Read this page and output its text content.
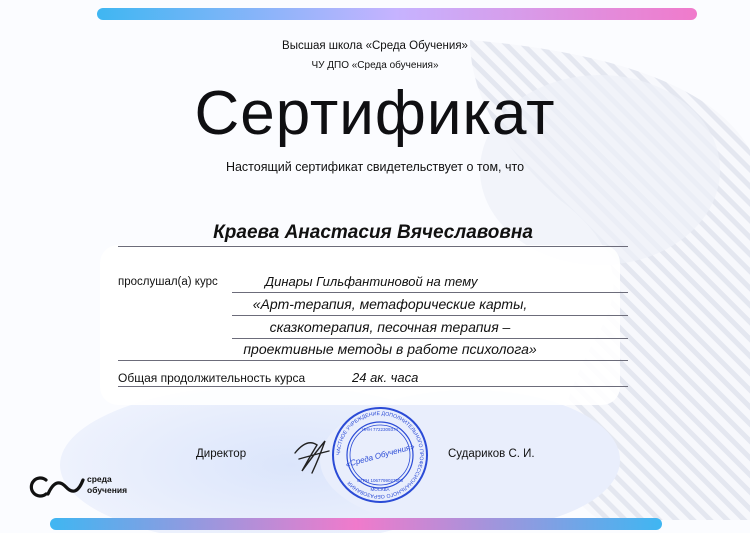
Высшая школа «Среда Обучения»
ЧУ ДПО «Среда обучения»
Сертификат
Настоящий сертификат свидетельствует о том, что
Краева Анастасия Вячеславовна
прослушал(а) курс	Динары Гильфантиновой на тему
«Арт-терапия, метафорические карты,
сказкотерапия, песочная терапия –
проективные методы в работе психолога»
Общая продолжительность курса	24 ак. часа
Директор	Судариков С. И.
ЧАСТНОЕ УЧРЕЖДЕНИЕ ДОПОЛНИТЕЛЬНОГО ПРОФЕССИОНАЛЬНОГО ОБРАЗОВАНИЯ
«Среда Обучения»
ИНН 7722309374
ОГРН 1067799027508
МОСКВА
среда
обучения
